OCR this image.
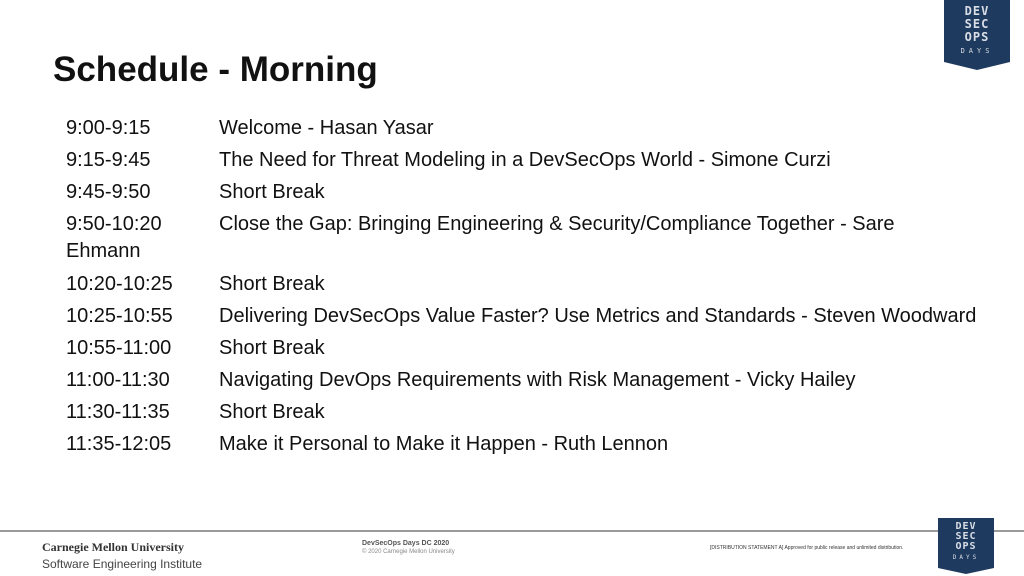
DEV
SEC
OPS
DAYS
Schedule - Morning
9:00-9:15	Welcome - Hasan Yasar
9:15-9:45	The Need for Threat Modeling in a DevSecOps World - Simone Curzi
9:45-9:50	Short Break
9:50-10:20	Close the Gap: Bringing Engineering & Security/Compliance Together - Sare
Ehmann
10:20-10:25	Short Break
10:25-10:55	Delivering DevSecOps Value Faster? Use Metrics and Standards - Steven Woodward
10:55-11:00	Short Break
11:00-11:30	Navigating DevOps Requirements with Risk Management - Vicky Hailey
11:30-11:35	Short Break
11:35-12:05	Make it Personal to Make it Happen - Ruth Lennon
Carnegie Mellon University
Software Engineering Institute
DevSecOps Days DC 2020
© 2020 Carnegie Mellon University
[DISTRIBUTION STATEMENT A] Approved for public release and unlimited distribution.
DEV
SEC
OPS
DAYS
